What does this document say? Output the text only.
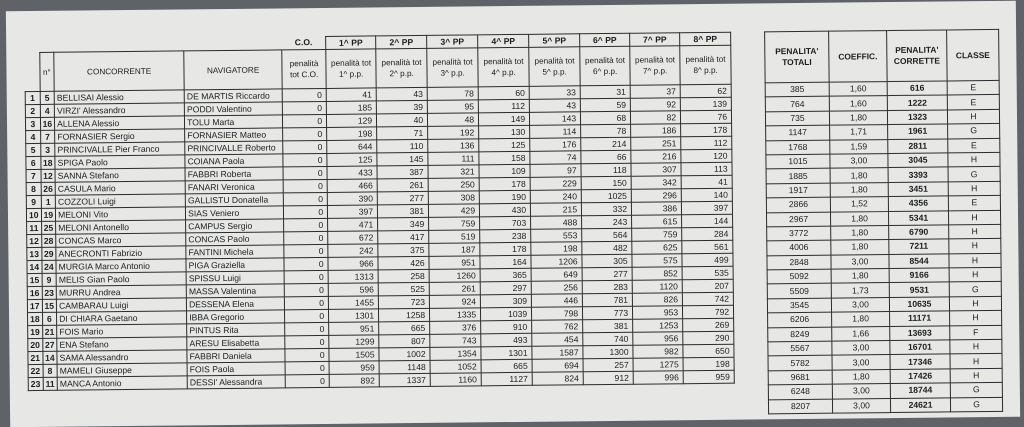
				C.O.	1^ PP	2^ PP	3^ PP	4^ PP	5^ PP	6^ PP	7^ PP	8^ PP
	n°	CONCORRENTE	NAVIGATORE	penalità tot C.O.	penalità tot 1^ p.p.	penalità tot 2^ p.p.	penalità tot 3^ p.p.	penalità tot 4^ p.p.	penalità tot 5^ p.p.	penalità tot 6^ p.p.	penalità tot 7^ p.p.	penalità tot 8^ p.p.
1	5	BELLISAI Alessio	DE MARTIS Riccardo	0	41	43	78	60	33	31	37	62
2	4	VIRZI' Alessandro	PODDI Valentino	0	185	39	95	112	43	59	92	139
3	16	ALLENA Alessio	TOLU Marta	0	129	40	48	149	143	68	82	76
4	7	FORNASIER Sergio	FORNASIER Matteo	0	198	71	192	130	114	78	186	178
5	3	PRINCIVALLE Pier Franco	PRINCIVALLE Roberto	0	644	110	136	125	176	214	251	112
6	18	SPIGA Paolo	COIANA Paola	0	125	145	111	158	74	66	216	120
7	12	SANNA Stefano	FABBRI Roberta	0	433	387	321	109	97	118	307	113
8	26	CASULA Mario	FANARI Veronica	0	466	261	250	178	229	150	342	41
9	1	COZZOLI Luigi	GALLISTU Donatella	0	390	277	308	190	240	1025	296	140
10	19	MELONI Vito	SIAS Veniero	0	397	381	429	430	215	332	386	397
11	25	MELONI Antonello	CAMPUS Sergio	0	471	349	759	703	488	243	615	144
12	28	CONCAS Marco	CONCAS Paolo	0	672	417	519	238	553	564	759	284
13	29	ANECRONTI Fabrizio	FANTINI Michela	0	242	375	187	178	198	482	625	561
14	24	MURGIA Marco Antonio	PIGA Graziella	0	966	426	951	164	1206	305	575	499
15	9	MELIS Gian Paolo	SPISSU Luigi	0	1313	258	1260	365	649	277	852	535
16	23	MURRU Andrea	MASSA Valentina	0	596	525	261	297	256	283	1120	207
17	15	CAMBARAU Luigi	DESSENA Elena	0	1455	723	924	309	446	781	826	742
18	6	DI CHIARA Gaetano	IBBA Gregorio	0	1301	1258	1335	1039	798	773	953	792
19	21	FOIS Mario	PINTUS Rita	0	951	665	376	910	762	381	1253	269
20	27	ENA Stefano	ARESU Elisabetta	0	1299	807	743	493	454	740	956	290
21	14	SAMA Alessandro	FABBRI Daniela	0	1505	1002	1354	1301	1587	1300	982	650
22	8	MAMELI Giuseppe	FOIS Paola	0	959	1148	1052	665	694	257	1275	198
23	11	MANCA Antonio	DESSI' Alessandra	0	892	1337	1160	1127	824	912	996	959
PENALITA' TOTALI	COEFFIC.	PENALITA' CORRETTE	CLASSE
385	1,60	616	E
764	1,60	1222	E
735	1,80	1323	H
1147	1,71	1961	G
1768	1,59	2811	E
1015	3,00	3045	H
1885	1,80	3393	G
1917	1,80	3451	H
2866	1,52	4356	E
2967	1,80	5341	H
3772	1,80	6790	H
4006	1,80	7211	H
2848	3,00	8544	H
5092	1,80	9166	H
5509	1,73	9531	G
3545	3,00	10635	H
6206	1,80	11171	H
8249	1,66	13693	F
5567	3,00	16701	H
5782	3,00	17346	H
9681	1,80	17426	H
6248	3,00	18744	G
8207	3,00	24621	G
